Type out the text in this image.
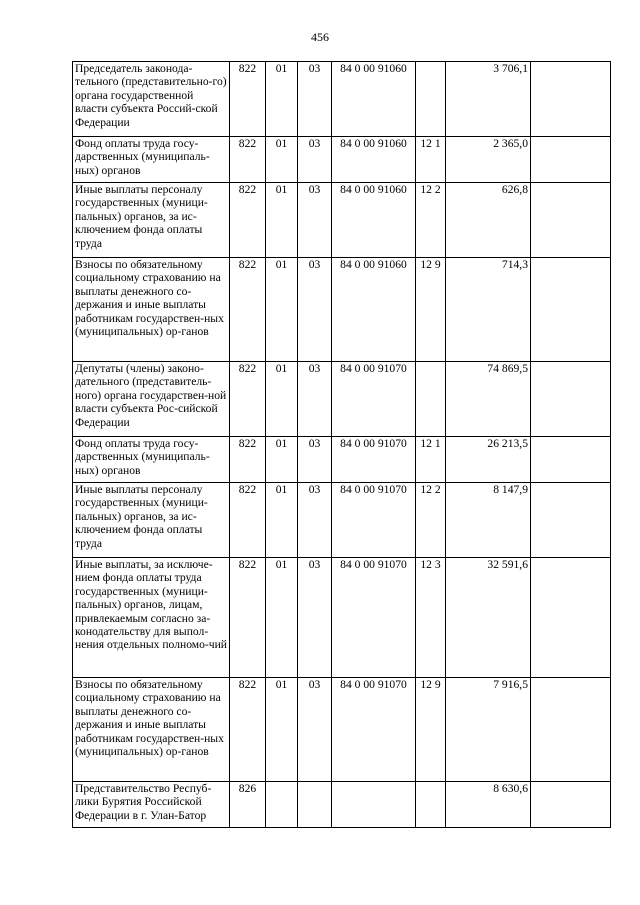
456
Председатель законода-тельного (представительно-го) органа государственной власти субъекта Россий-ской Федерации	822	01	03	84 0 00 91060		3 706,1	
Фонд оплаты труда госу-дарственных (муниципаль-ных) органов	822	01	03	84 0 00 91060	12 1	2 365,0	
Иные выплаты персоналу государственных (муници-пальных) органов, за ис-ключением фонда оплаты труда	822	01	03	84 0 00 91060	12 2	626,8	
Взносы по обязательному социальному страхованию на выплаты денежного со-держания и иные выплаты работникам государствен-ных (муниципальных) ор-ганов	822	01	03	84 0 00 91060	12 9	714,3	
Депутаты (члены) законо-дательного (представитель-ного) органа государствен-ной власти субъекта Рос-сийской Федерации	822	01	03	84 0 00 91070		74 869,5	
Фонд оплаты труда госу-дарственных (муниципаль-ных) органов	822	01	03	84 0 00 91070	12 1	26 213,5	
Иные выплаты персоналу государственных (муници-пальных) органов, за ис-ключением фонда оплаты труда	822	01	03	84 0 00 91070	12 2	8 147,9	
Иные выплаты, за исключе-нием фонда оплаты труда государственных (муници-пальных) органов, лицам, привлекаемым согласно за-конодательству для выпол-нения отдельных полномо-чий	822	01	03	84 0 00 91070	12 3	32 591,6	
Взносы по обязательному социальному страхованию на выплаты денежного со-держания и иные выплаты работникам государствен-ных (муниципальных) ор-ганов	822	01	03	84 0 00 91070	12 9	7 916,5	
Представительство Респуб-лики Бурятия Российской Федерации в г. Улан-Батор	826					8 630,6	
